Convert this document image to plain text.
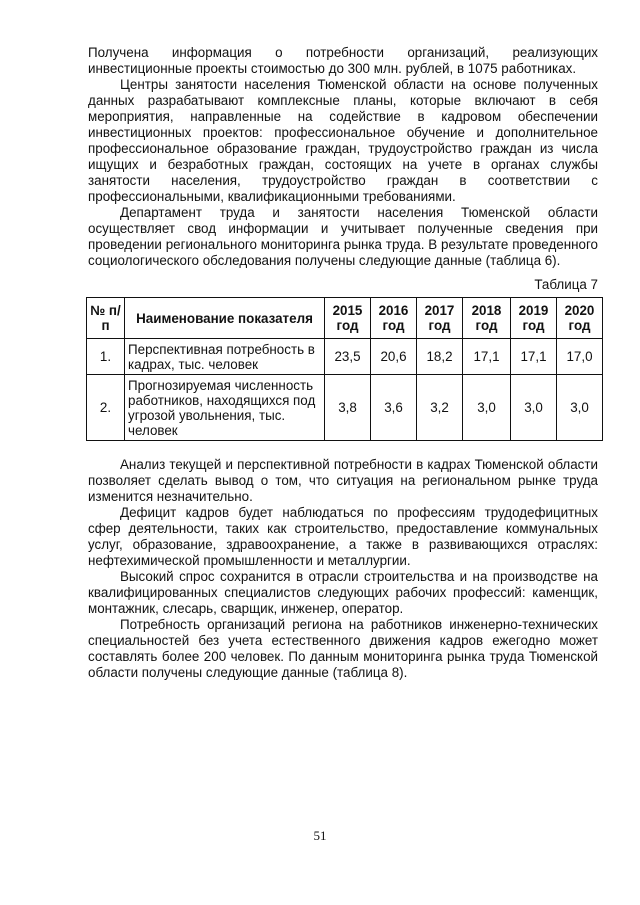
Получена информация о потребности организаций, реализующих инвестиционные проекты стоимостью до 300 млн. рублей, в 1075 работниках.

Центры занятости населения Тюменской области на основе полученных данных разрабатывают комплексные планы, которые включают в себя мероприятия, направленные на содействие в кадровом обеспечении инвестиционных проектов: профессиональное обучение и дополнительное профессиональное образование граждан, трудоустройство граждан из числа ищущих и безработных граждан, состоящих на учете в органах службы занятости населения, трудоустройство граждан в соответствии с профессиональными, квалификационными требованиями.

Департамент труда и занятости населения Тюменской области осуществляет свод информации и учитывает полученные сведения при проведении регионального мониторинга рынка труда. В результате проведенного социологического обследования получены следующие данные (таблица 6).

Таблица 7
№ п/п	Наименование показателя	2015 год	2016 год	2017 год	2018 год	2019 год	2020 год
1.	Перспективная потребность в кадрах, тыс. человек	23,5	20,6	18,2	17,1	17,1	17,0
2.	Прогнозируемая численность работников, находящихся под угрозой увольнения, тыс. человек	3,8	3,6	3,2	3,0	3,0	3,0

Анализ текущей и перспективной потребности в кадрах Тюменской области позволяет сделать вывод о том, что ситуация на региональном рынке труда изменится незначительно.

Дефицит кадров будет наблюдаться по профессиям трудодефицитных сфер деятельности, таких как строительство, предоставление коммунальных услуг, образование, здравоохранение, а также в развивающихся отраслях: нефтехимической промышленности и металлургии.

Высокий спрос сохранится в отрасли строительства и на производстве на квалифицированных специалистов следующих рабочих профессий: каменщик, монтажник, слесарь, сварщик, инженер, оператор.

Потребность организаций региона на работников инженерно-технических специальностей без учета естественного движения кадров ежегодно может составлять более 200 человек. По данным мониторинга рынка труда Тюменской области получены следующие данные (таблица 8).

51
